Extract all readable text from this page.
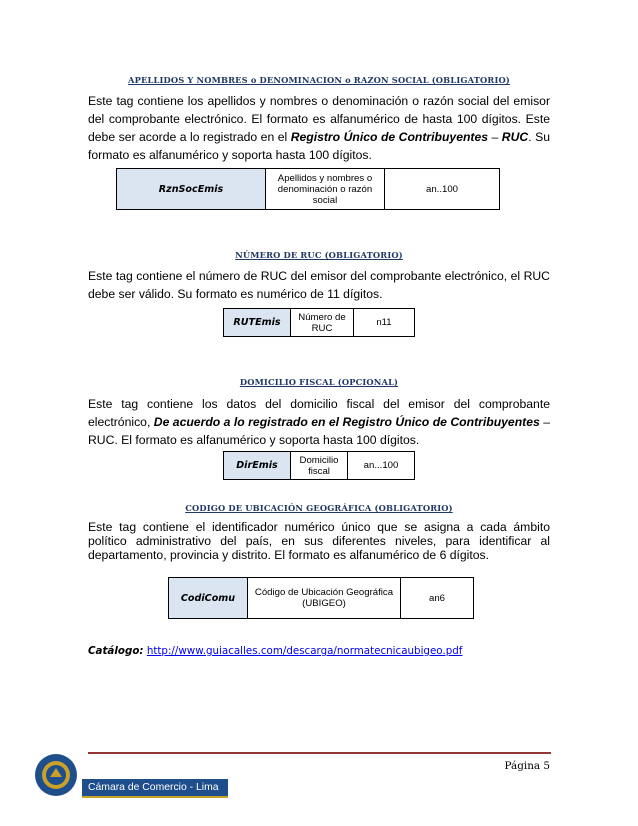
APELLIDOS Y NOMBRES o DENOMINACION o RAZON SOCIAL (OBLIGATORIO)
Este tag contiene los apellidos y nombres o denominación o razón social del emisor del comprobante electrónico. El formato es alfanumérico de hasta 100 dígitos. Este debe ser acorde a lo registrado en el Registro Único de Contribuyentes – RUC. Su formato es alfanumérico y soporta hasta 100 dígitos.
RznSocEmis	Apellidos y nombres o denominación o razón social	an..100
NÚMERO DE RUC (OBLIGATORIO)
Este tag contiene el número de RUC del emisor del comprobante electrónico, el RUC debe ser válido. Su formato es numérico de 11 dígitos.
RUTEmis	Número de RUC	n11
DOMICILIO FISCAL (OPCIONAL)
Este tag contiene los datos del domicilio fiscal del emisor del comprobante electrónico, De acuerdo a lo registrado en el Registro Único de Contribuyentes – RUC. El formato es alfanumérico y soporta hasta 100 dígitos.
DirEmis	Domicilio fiscal	an...100
CODIGO DE UBICACIÓN GEOGRÁFICA (OBLIGATORIO)
Este tag contiene el identificador numérico único que se asigna a cada ámbito político administrativo del país, en sus diferentes niveles, para identificar al departamento, provincia y distrito. El formato es alfanumérico de 6 dígitos.
CodiComu	Código de Ubicación Geográfica (UBIGEO)	an6
Catálogo: http://www.guiacalles.com/descarga/normatecnicaubigeo.pdf
Página 5
Cámara de Comercio - Lima
